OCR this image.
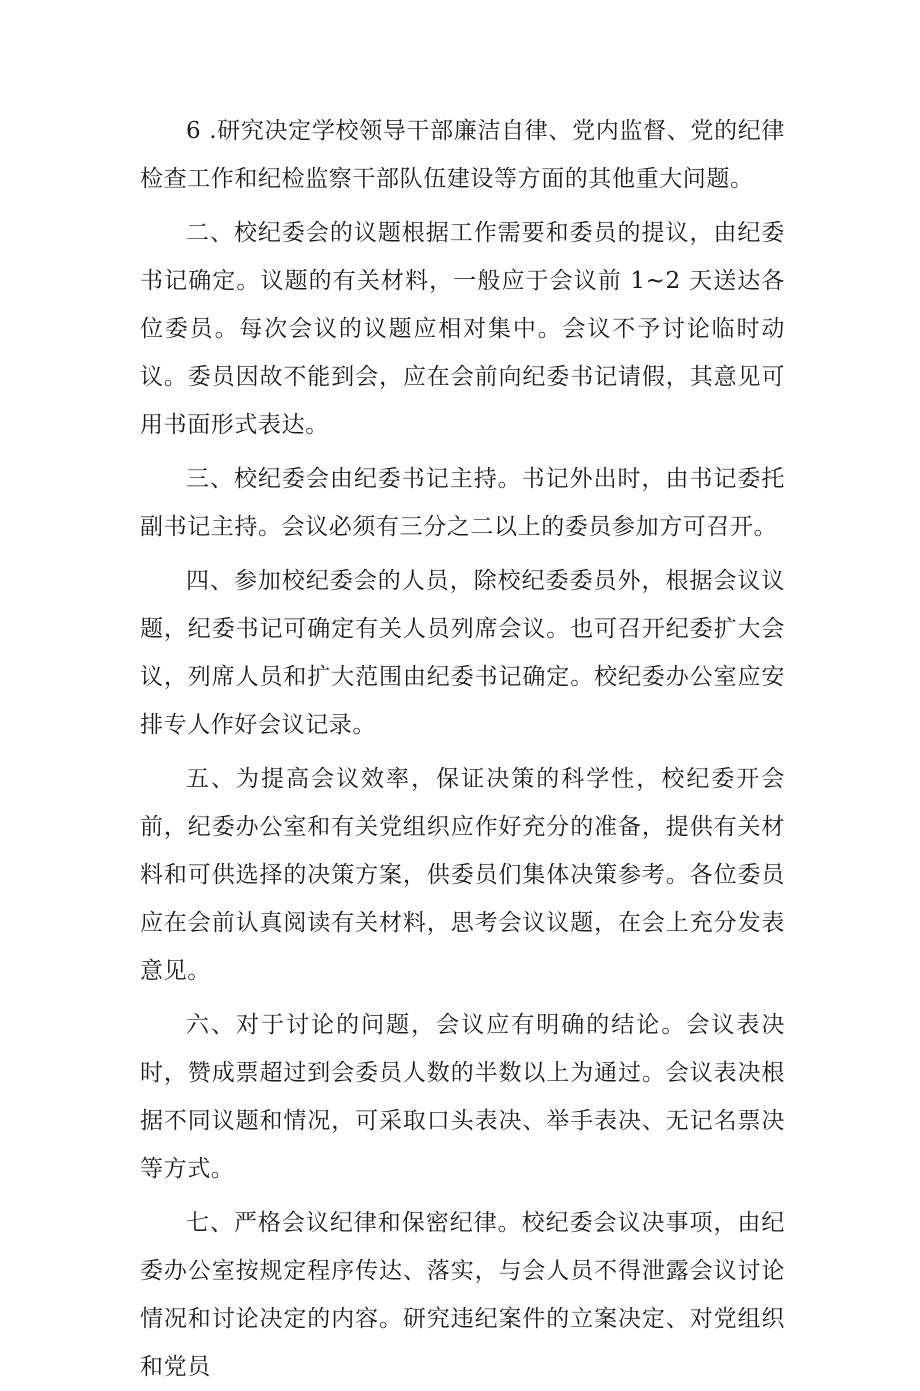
6 .研究决定学校领导干部廉洁自律、党内监督、党的纪律检查工作和纪检监察干部队伍建设等方面的其他重大问题。

二、校纪委会的议题根据工作需要和委员的提议，由纪委书记确定。议题的有关材料，一般应于会议前 1~2 天送达各位委员。每次会议的议题应相对集中。会议不予讨论临时动议。委员因故不能到会，应在会前向纪委书记请假，其意见可用书面形式表达。

三、校纪委会由纪委书记主持。书记外出时，由书记委托副书记主持。会议必须有三分之二以上的委员参加方可召开。

四、参加校纪委会的人员，除校纪委委员外，根据会议议题，纪委书记可确定有关人员列席会议。也可召开纪委扩大会议，列席人员和扩大范围由纪委书记确定。校纪委办公室应安排专人作好会议记录。

五、为提高会议效率，保证决策的科学性，校纪委开会前，纪委办公室和有关党组织应作好充分的准备，提供有关材料和可供选择的决策方案，供委员们集体决策参考。各位委员应在会前认真阅读有关材料，思考会议议题，在会上充分发表意见。

六、对于讨论的问题，会议应有明确的结论。会议表决时，赞成票超过到会委员人数的半数以上为通过。会议表决根据不同议题和情况，可采取口头表决、举手表决、无记名票决等方式。

七、严格会议纪律和保密纪律。校纪委会议决事项，由纪委办公室按规定程序传达、落实，与会人员不得泄露会议讨论情况和讨论决定的内容。研究违纪案件的立案决定、对党组织和党员
